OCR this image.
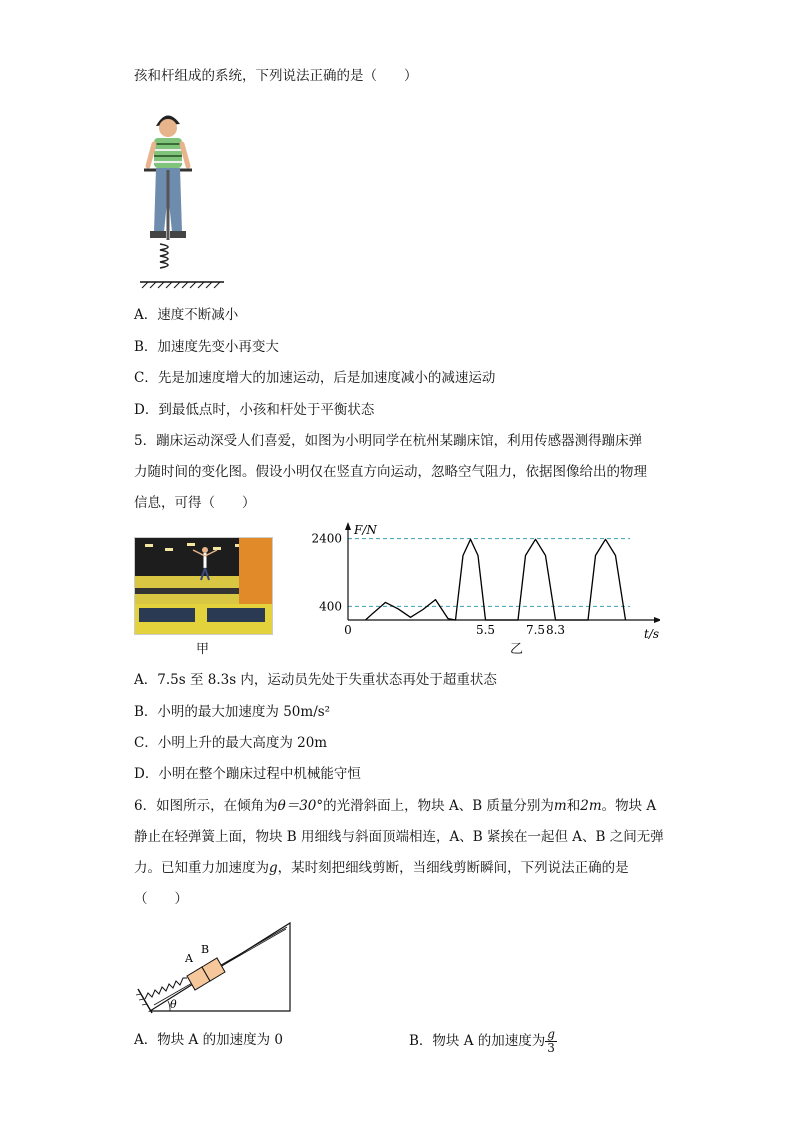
孩和杆组成的系统，下列说法正确的是（　　）
A．速度不断减小
B．加速度先变小再变大
C．先是加速度增大的加速运动，后是加速度减小的减速运动
D．到最低点时，小孩和杆处于平衡状态
5．蹦床运动深受人们喜爱，如图为小明同学在杭州某蹦床馆，利用传感器测得蹦床弹
力随时间的变化图。假设小明仅在竖直方向运动，忽略空气阻力，依据图像给出的物理
信息，可得（　　）
甲
2400
400
0	5.5	7.5 8.3
F/N
t/s
乙
A．7.5s 至 8.3s 内，运动员先处于失重状态再处于超重状态
B．小明的最大加速度为 50m/s²
C．小明上升的最大高度为 20m
D．小明在整个蹦床过程中机械能守恒
6．如图所示，在倾角为θ＝30°的光滑斜面上，物块 A、B 质量分别为m和2m。物块 A
静止在轻弹簧上面，物块 B 用细线与斜面顶端相连，A、B 紧挨在一起但 A、B 之间无弹
力。已知重力加速度为g，某时刻把细线剪断，当细线剪断瞬间，下列说法正确的是
（　　）
θ
A
B
A．物块 A 的加速度为 0	B．物块 A 的加速度为 $\frac{g}{3}$
